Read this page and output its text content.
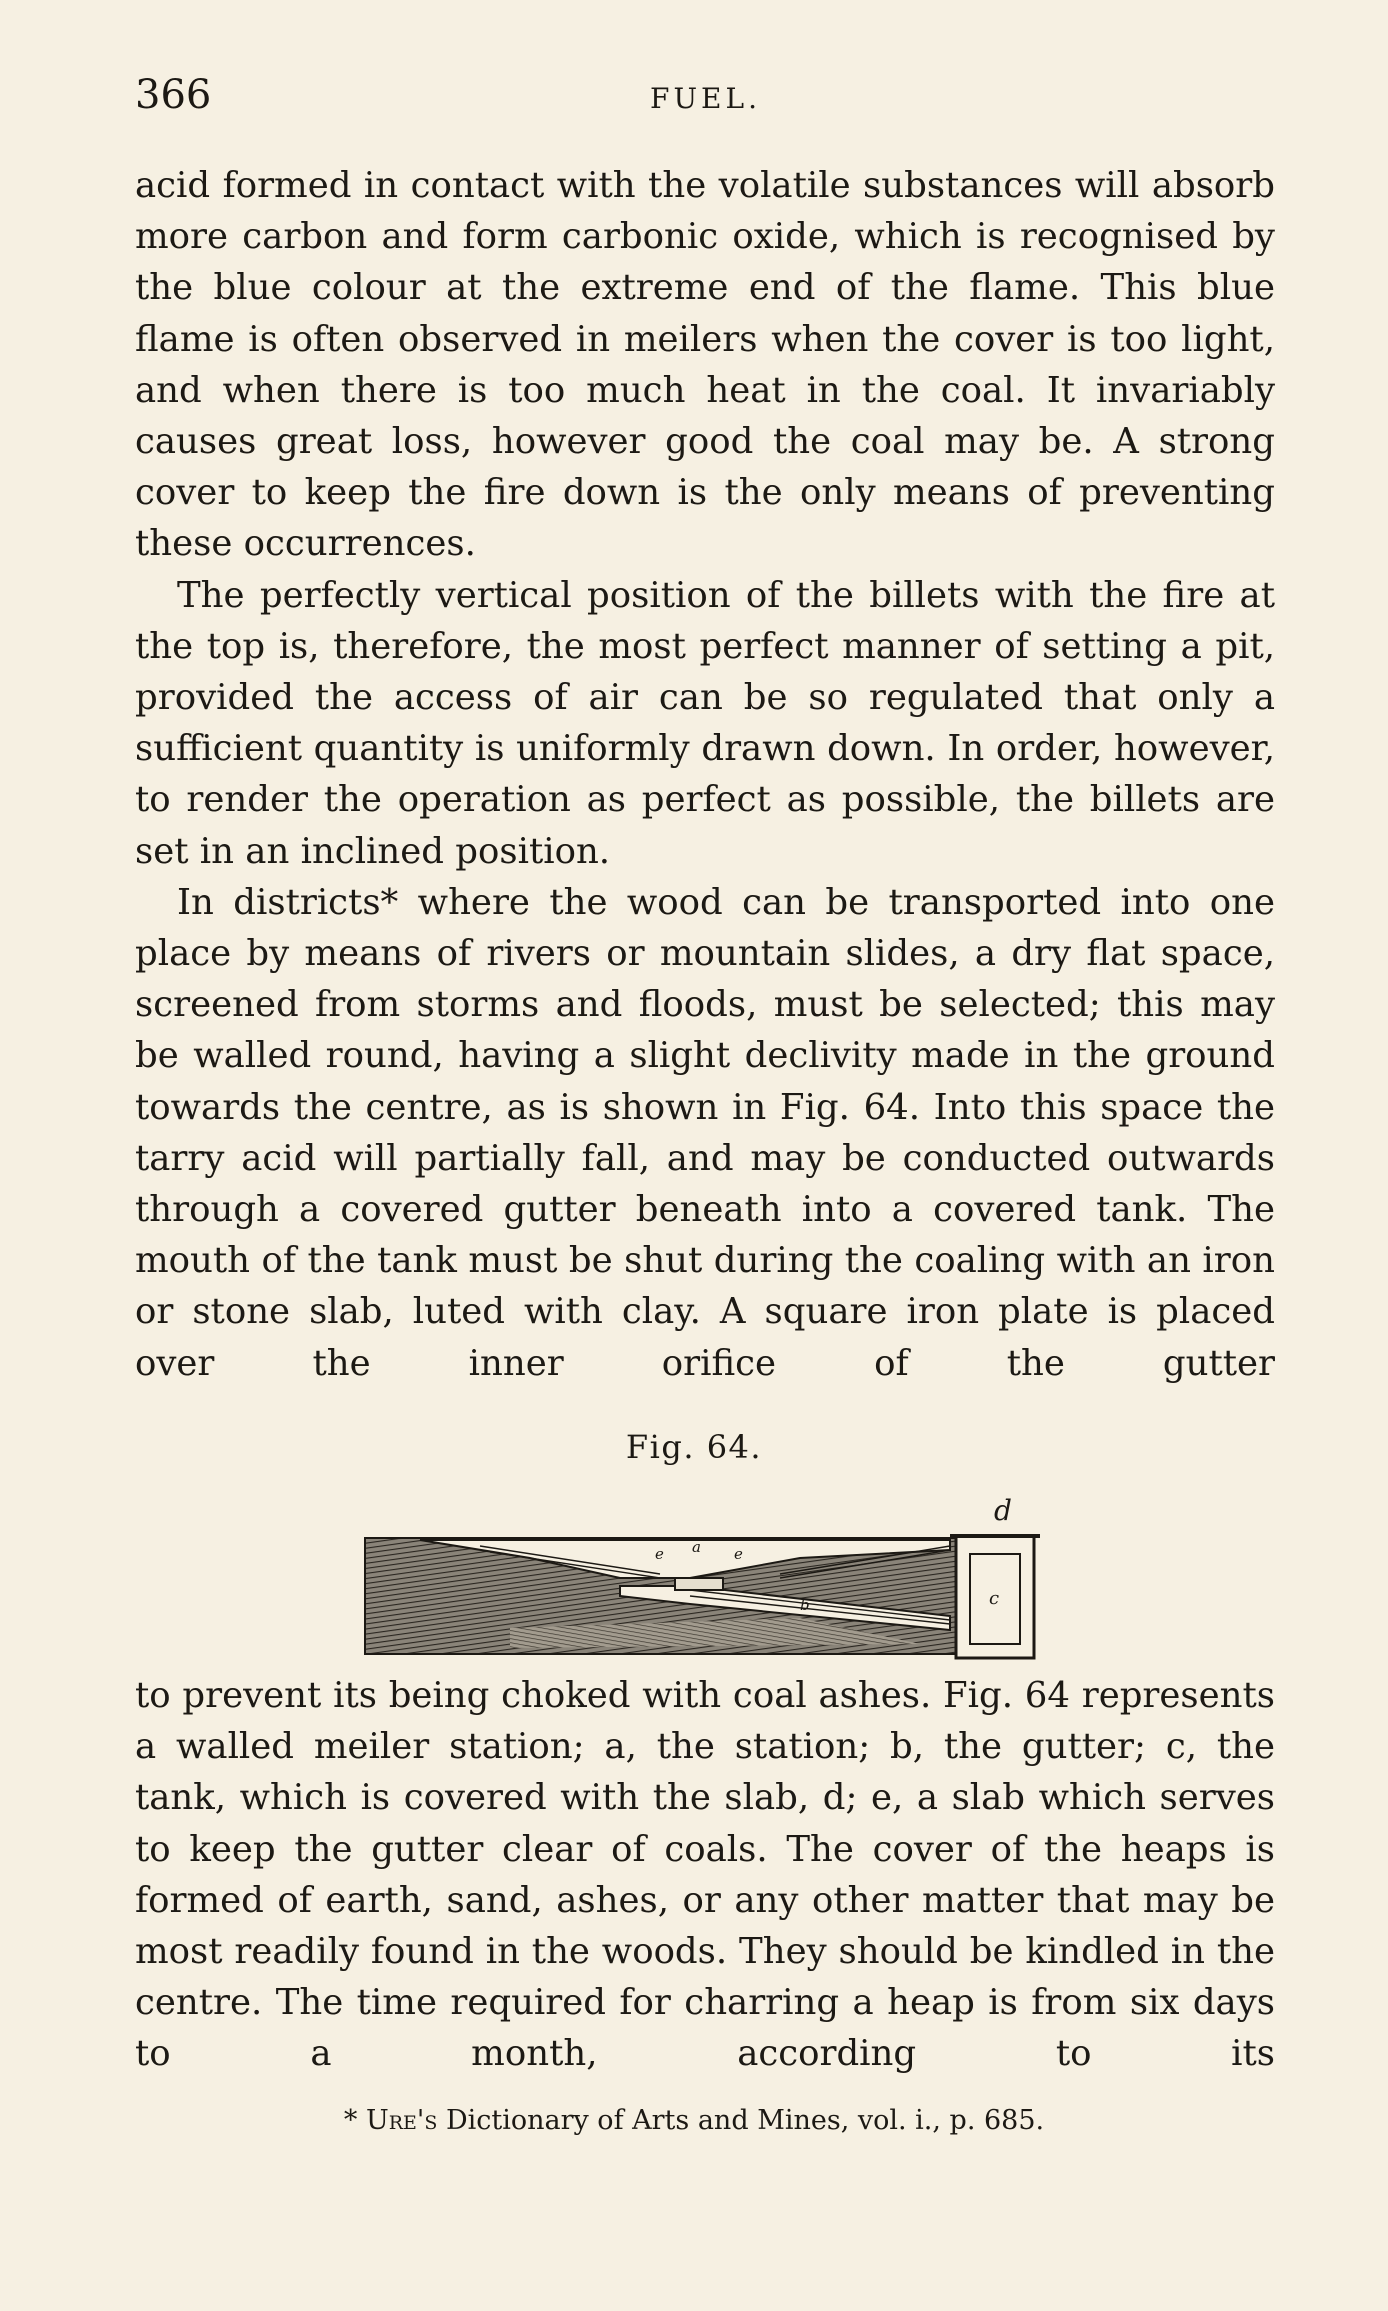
366	FUEL.

acid formed in contact with the volatile substances will absorb more carbon and form carbonic oxide, which is recognised by the blue colour at the extreme end of the flame. This blue flame is often observed in meilers when the cover is too light, and when there is too much heat in the coal. It invariably causes great loss, however good the coal may be. A strong cover to keep the fire down is the only means of preventing these occurrences.

The perfectly vertical position of the billets with the fire at the top is, therefore, the most perfect manner of setting a pit, provided the access of air can be so regulated that only a sufficient quantity is uniformly drawn down. In order, however, to render the operation as perfect as possible, the billets are set in an inclined position.

In districts* where the wood can be transported into one place by means of rivers or mountain slides, a dry flat space, screened from storms and floods, must be selected; this may be walled round, having a slight declivity made in the ground towards the centre, as is shown in Fig. 64. Into this space the tarry acid will partially fall, and may be conducted outwards through a covered gutter beneath into a covered tank. The mouth of the tank must be shut during the coaling with an iron or stone slab, luted with clay. A square iron plate is placed over the inner orifice of the gutter

Fig. 64.
d
e a e
b	c

to prevent its being choked with coal ashes. Fig. 64 represents a walled meiler station; a, the station; b, the gutter; c, the tank, which is covered with the slab, d; e, a slab which serves to keep the gutter clear of coals. The cover of the heaps is formed of earth, sand, ashes, or any other matter that may be most readily found in the woods. They should be kindled in the centre. The time required for charring a heap is from six days to a month, according to its

* Ure's Dictionary of Arts and Mines, vol. i., p. 685.
